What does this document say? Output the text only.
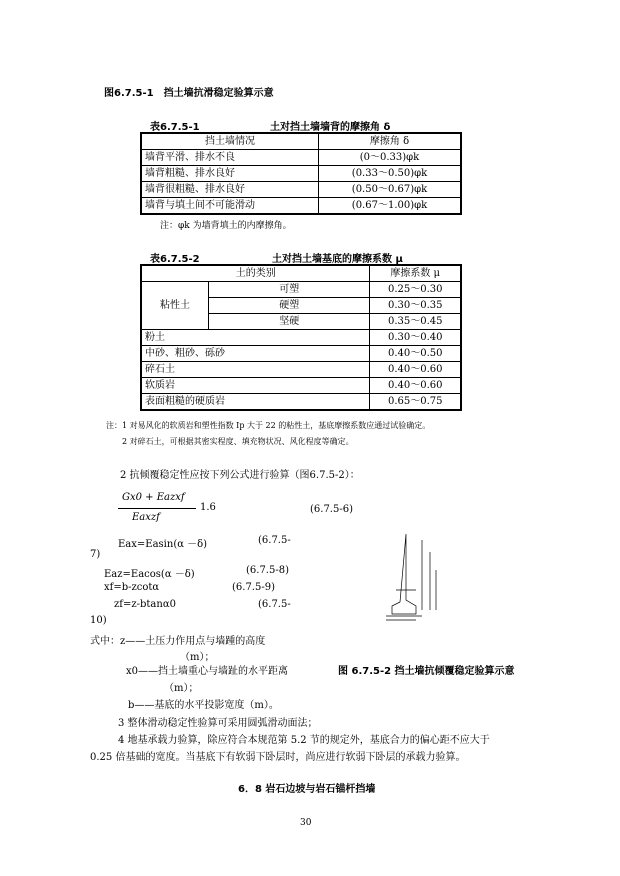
图6.7.5-1　挡土墙抗滑稳定验算示意
表6.7.5-1	土对挡土墙墙背的摩擦角 δ
挡土墙情况	摩擦角 δ
墙背平滑、排水不良	(0～0.33)φk
墙背粗糙、排水良好	(0.33～0.50)φk
墙背很粗糙、排水良好	(0.50～0.67)φk
墙背与填土间不可能滑动	(0.67～1.00)φk
注：φk 为墙背填土的内摩擦角。
表6.7.5-2	土对挡土墙基底的摩擦系数 μ
土的类别		摩擦系数 μ
粘性土	可塑	0.25～0.30
	硬塑	0.30～0.35
	坚硬	0.35～0.45
粉土		0.30～0.40
中砂、粗砂、砾砂		0.40～0.50
碎石土		0.40～0.60
软质岩		0.40～0.60
表面粗糙的硬质岩		0.65～0.75
注：1 对易风化的软质岩和塑性指数 Ip 大于 22 的粘性土，基底摩擦系数应通过试验确定。
2 对碎石土，可根据其密实程度、填充物状况、风化程度等确定。
2 抗倾覆稳定性应按下列公式进行验算（图6.7.5-2）：
Gx0 + Eazxf
Eaxzf
1.6	(6.7.5-6)
Eax=Easin(α －δ)	(6.7.5-
7)
Eaz=Eacos(α －δ)	(6.7.5-8)
xf=b-zcotα	(6.7.5-9)
zf=z-btanα0	(6.7.5-
10)
式中：z——土压力作用点与墙踵的高度
（m）；
x0——挡土墙重心与墙趾的水平距离
（m）；
b——基底的水平投影宽度（m）。
图 6.7.5-2 挡土墙抗倾覆稳定验算示意
3 整体滑动稳定性验算可采用圆弧滑动面法；
4 地基承载力验算，除应符合本规范第 5.2 节的规定外，基底合力的偏心距不应大于
0.25 倍基础的宽度。当基底下有软弱下卧层时，尚应进行软弱下卧层的承载力验算。
6．8 岩石边坡与岩石锚杆挡墙
30
